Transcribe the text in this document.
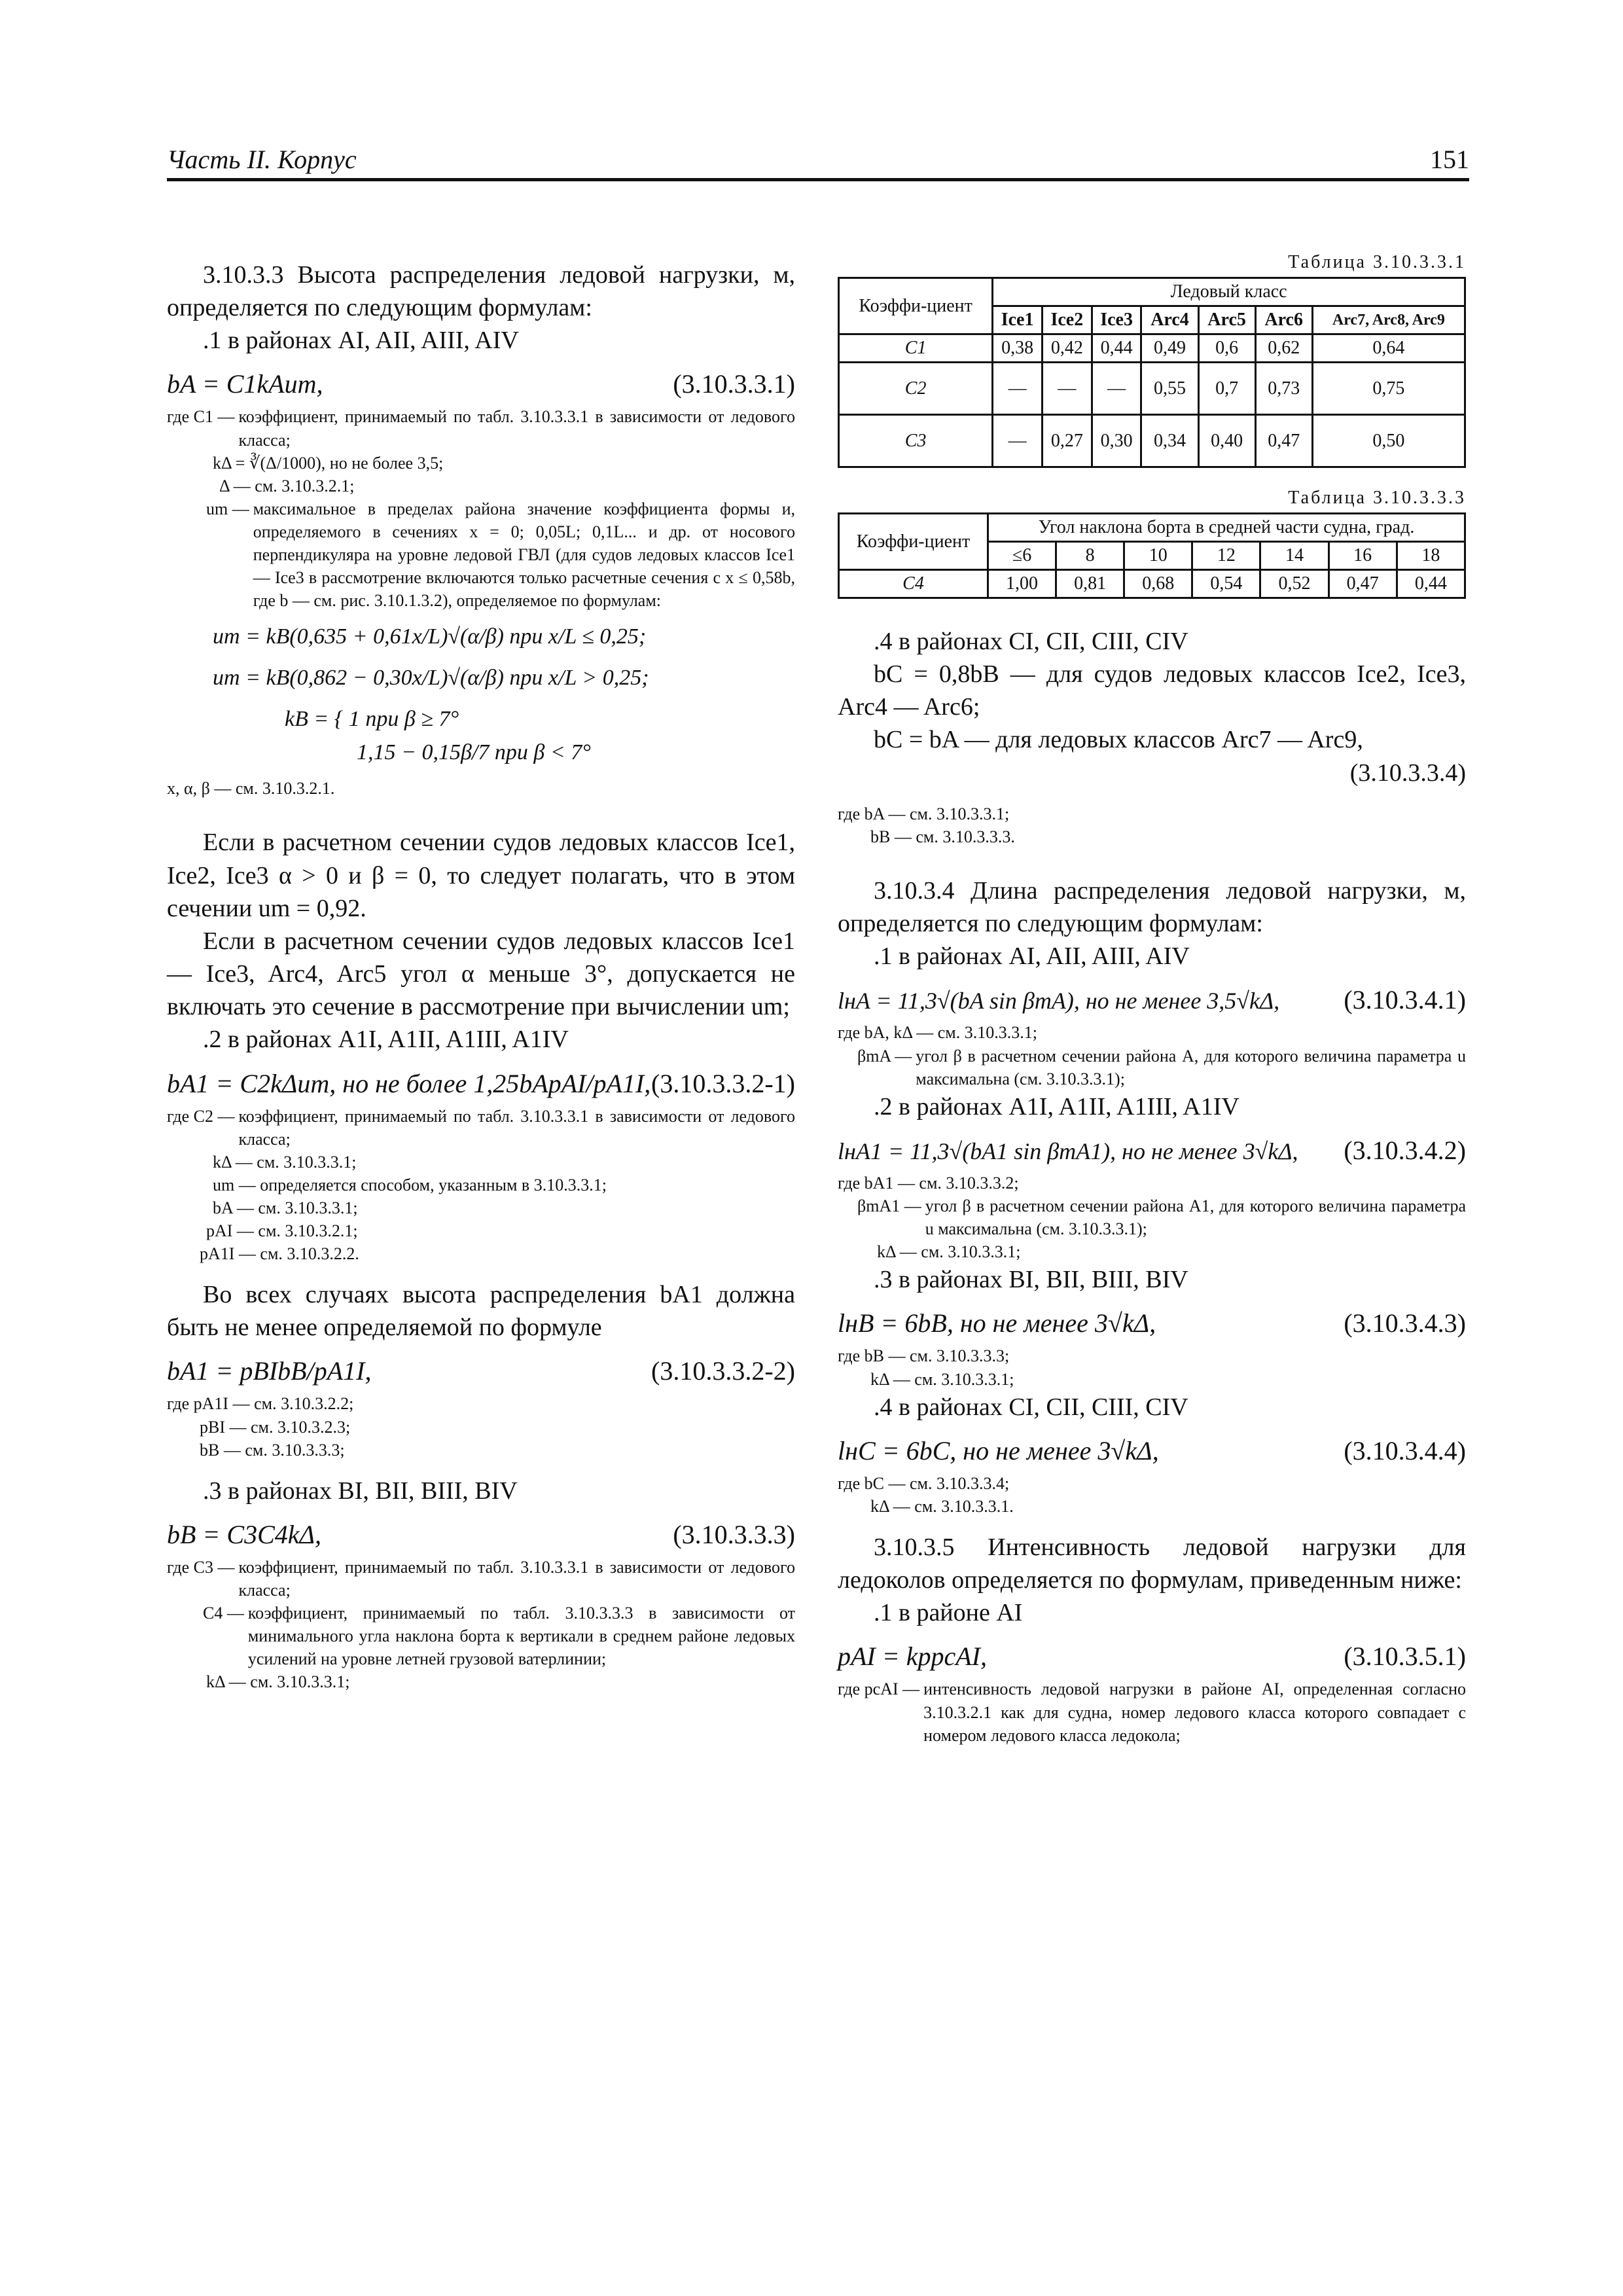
Часть II. Корпус	151

3.10.3.3 Высота распределения ледовой нагрузки, м, определяется по следующим формулам:

.1 в районах AI, AII, AIII, AIV

bA = C1kAum,	(3.10.3.3.1)
где C1 — коэффициент, принимаемый по табл. 3.10.3.3.1 в зависимости от ледового класса;

kΔ = ∛(Δ/1000), но не более 3,5;

Δ — см. 3.10.3.2.1;

um — максимальное в пределах района значение коэффициента формы и, определяемого в сечениях x = 0; 0,05L; 0,1L... и др. от носового перпендикуляра на уровне ледовой ГВЛ (для судов ледовых классов Ice1 — Ice3 в рассмотрение включаются только расчетные сечения с x ≤ 0,58b, где b — см. рис. 3.10.1.3.2), определяемое по формулам:

um = kB(0,635 + 0,61x/L)√(α/β) при x/L ≤ 0,25;

um = kB(0,862 − 0,30x/L)√(α/β) при x/L > 0,25;

kB = { 1 при β ≥ 7°

1,15 − 0,15β/7 при β < 7°

x, α, β — см. 3.10.3.2.1.

Если в расчетном сечении судов ледовых классов Ice1, Ice2, Ice3 α > 0 и β = 0, то следует полагать, что в этом сечении um = 0,92.

Если в расчетном сечении судов ледовых классов Ice1 — Ice3, Arc4, Arc5 угол α меньше 3°, допускается не включать это сечение в рассмотрение при вычислении um;

.2 в районах A1I, A1II, A1III, A1IV

bA1 = C2kΔum, но не более 1,25bApAI/pA1I, (3.10.3.3.2-1)
где C2 — коэффициент, принимаемый по табл. 3.10.3.3.1 в зависимости от ледового класса;

kΔ — см. 3.10.3.3.1;

um — определяется способом, указанным в 3.10.3.3.1;

bA — см. 3.10.3.3.1;

pAI — см. 3.10.3.2.1;

pA1I — см. 3.10.3.2.2.

Во всех случаях высота распределения bA1 должна быть не менее определяемой по формуле

bA1 = pBIbB/pA1I,	(3.10.3.3.2-2)

где pA1I — см. 3.10.3.2.2;

pBI — см. 3.10.3.2.3;

bB — см. 3.10.3.3.3;

.3 в районах BI, BII, BIII, BIV

bB = C3C4kΔ,	(3.10.3.3.3)
где C3 — коэффициент, принимаемый по табл. 3.10.3.3.1 в зависимости от ледового класса;
C4 — коэффициент, принимаемый по табл. 3.10.3.3.3 в зависимости от минимального угла наклона борта к вертикали в среднем районе ледовых усилений на уровне летней грузовой ватерлинии;

kΔ — см. 3.10.3.3.1;

Таблица 3.10.3.3.1

Коэффи-циент	Ледовый класс						
	Ice1	Ice2	Ice3	Arc4	Arc5	Arc6	Arc7, Arc8, Arc9
C1	0,38	0,42	0,44	0,49	0,6	0,62	0,64
C2	—	—	—	0,55	0,7	0,73	0,75
C3	—	0,27	0,30	0,34	0,40	0,47	0,50

Таблица 3.10.3.3.3

Коэффи-циент	Угол наклона борта в средней части судна, град.						
	≤6	8	10	12	14	16	18
C4	1,00	0,81	0,68	0,54	0,52	0,47	0,44

.4 в районах CI, CII, CIII, CIV

bC = 0,8bB — для судов ледовых классов Ice2, Ice3, Arc4 — Arc6;

bC = bA — для ледовых классов Arc7 — Arc9,

(3.10.3.3.4)

где bA — см. 3.10.3.3.1;

bB — см. 3.10.3.3.3.

3.10.3.4 Длина распределения ледовой нагрузки, м, определяется по следующим формулам:

.1 в районах AI, AII, AIII, AIV

lнA = 11,3√(bA sin βmA), но не менее 3,5√kΔ, (3.10.3.4.1)

где bA, kΔ — см. 3.10.3.3.1;

βmA — угол β в расчетном сечении района A, для которого величина параметра u максимальна (см. 3.10.3.3.1);

.2 в районах A1I, A1II, A1III, A1IV

lнA1 = 11,3√(bA1 sin βmA1), но не менее 3√kΔ, (3.10.3.4.2)

где bA1 — см. 3.10.3.3.2;

βmA1 — угол β в расчетном сечении района A1, для которого величина параметра u максимальна (см. 3.10.3.3.1);

kΔ — см. 3.10.3.3.1;

.3 в районах BI, BII, BIII, BIV

lнB = 6bB, но не менее 3√kΔ,	(3.10.3.4.3)

где bB — см. 3.10.3.3.3;

kΔ — см. 3.10.3.3.1;

.4 в районах CI, CII, CIII, CIV

lнC = 6bC, но не менее 3√kΔ,	(3.10.3.4.4)

где bC — см. 3.10.3.3.4;

kΔ — см. 3.10.3.3.1.

3.10.3.5 Интенсивность ледовой нагрузки для ледоколов определяется по формулам, приведенным ниже:

.1 в районе AI

pAI = kppcAI,	(3.10.3.5.1)
где pcAI — интенсивность ледовой нагрузки в районе AI, определенная согласно 3.10.3.2.1 как для судна, номер ледового класса которого совпадает с номером ледового класса ледокола;
